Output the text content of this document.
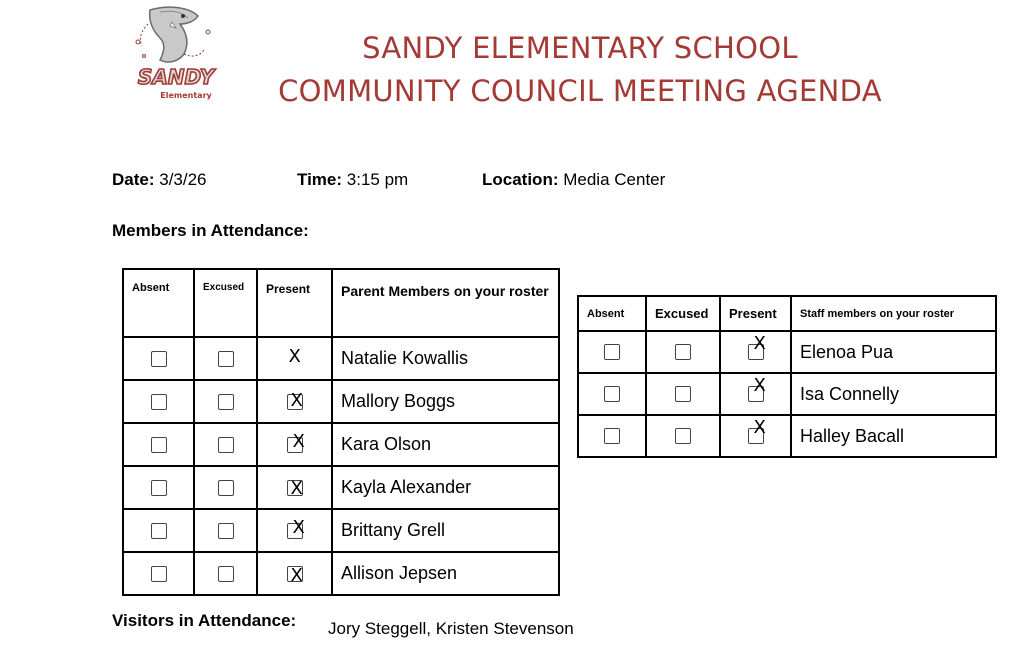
SANDY
Elementary
SANDY ELEMENTARY SCHOOL
COMMUNITY COUNCIL MEETING AGENDA
Date: 3/3/26	Time: 3:15 pm	Location: Media Center
Members in Attendance:
Absent	Excused	Present	Parent Members on your roster

		X	Natalie Kowallis

		X	Mallory Boggs

		X	Kara Olson

		X	Kayla Alexander

		X	Brittany Grell

		X	Allison Jepsen
Absent	Excused	Present	Staff members on your roster

		X	Elenoa Pua

		X	Isa Connelly

		X	Halley Bacall
Visitors in Attendance: Jory Steggell, Kristen Stevenson
